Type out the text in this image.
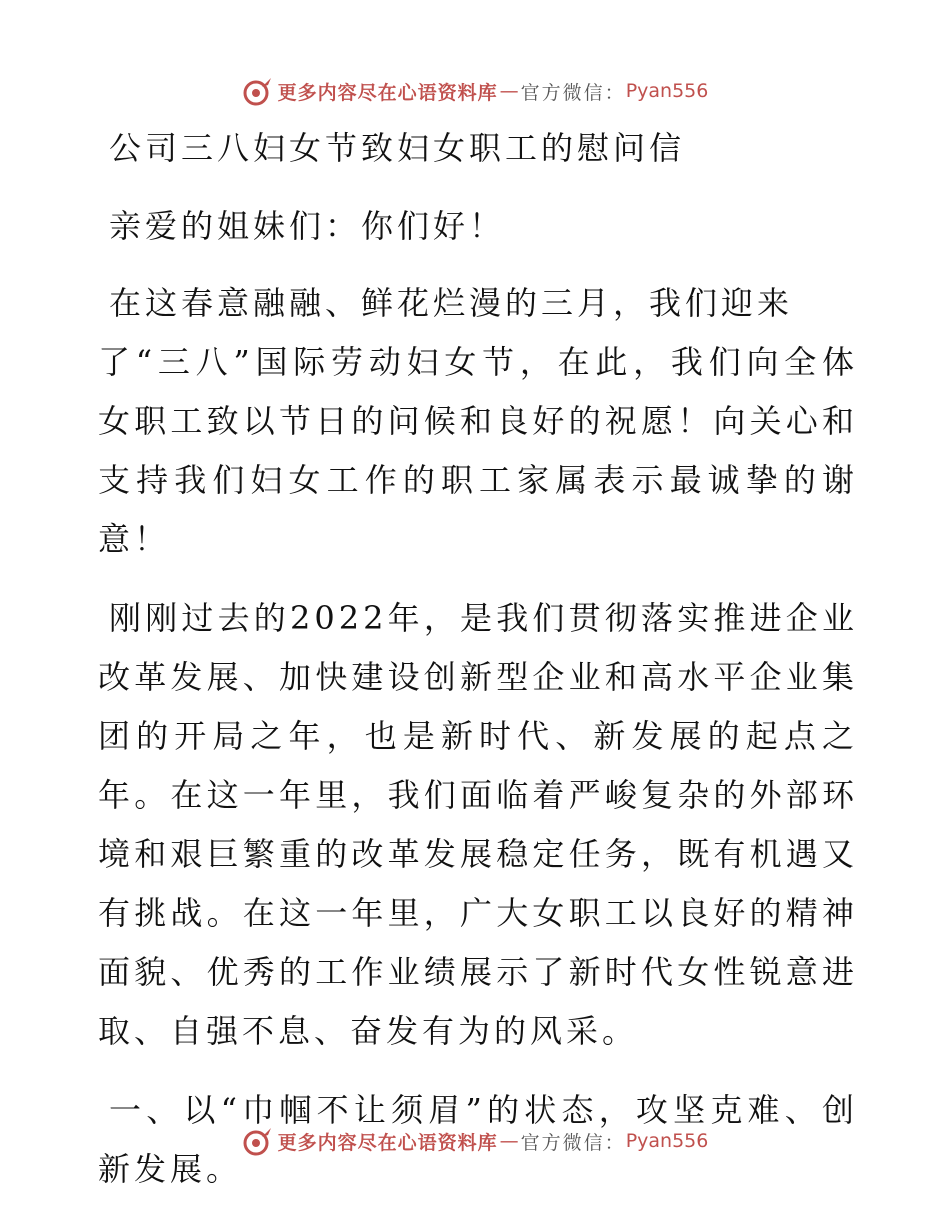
更多内容尽在心语资料库 — 官方微信： Pyan556
公司三八妇女节致妇女职工的慰问信
亲爱的姐妹们：你们好！
在这春意融融、鲜花烂漫的三月，我们迎来
了“三八”国际劳动妇女节，在此，我们向全体女职工致以节日的问候和良好的祝愿！向关心和支持我们妇女工作的职工家属表示最诚挚的谢意！
刚刚过去的2022年，是我们贯彻落实推进企业改革发展、加快建设创新型企业和高水平企业集团的开局之年，也是新时代、新发展的起点之年。在这一年里，我们面临着严峻复杂的外部环境和艰巨繁重的改革发展稳定任务，既有机遇又有挑战。在这一年里，广大女职工以良好的精神面貌、优秀的工作业绩展示了新时代女性锐意进取、自强不息、奋发有为的风采。
一、以“巾帼不让须眉”的状态，攻坚克难、创新发展。
更多内容尽在心语资料库 — 官方微信： Pyan556
